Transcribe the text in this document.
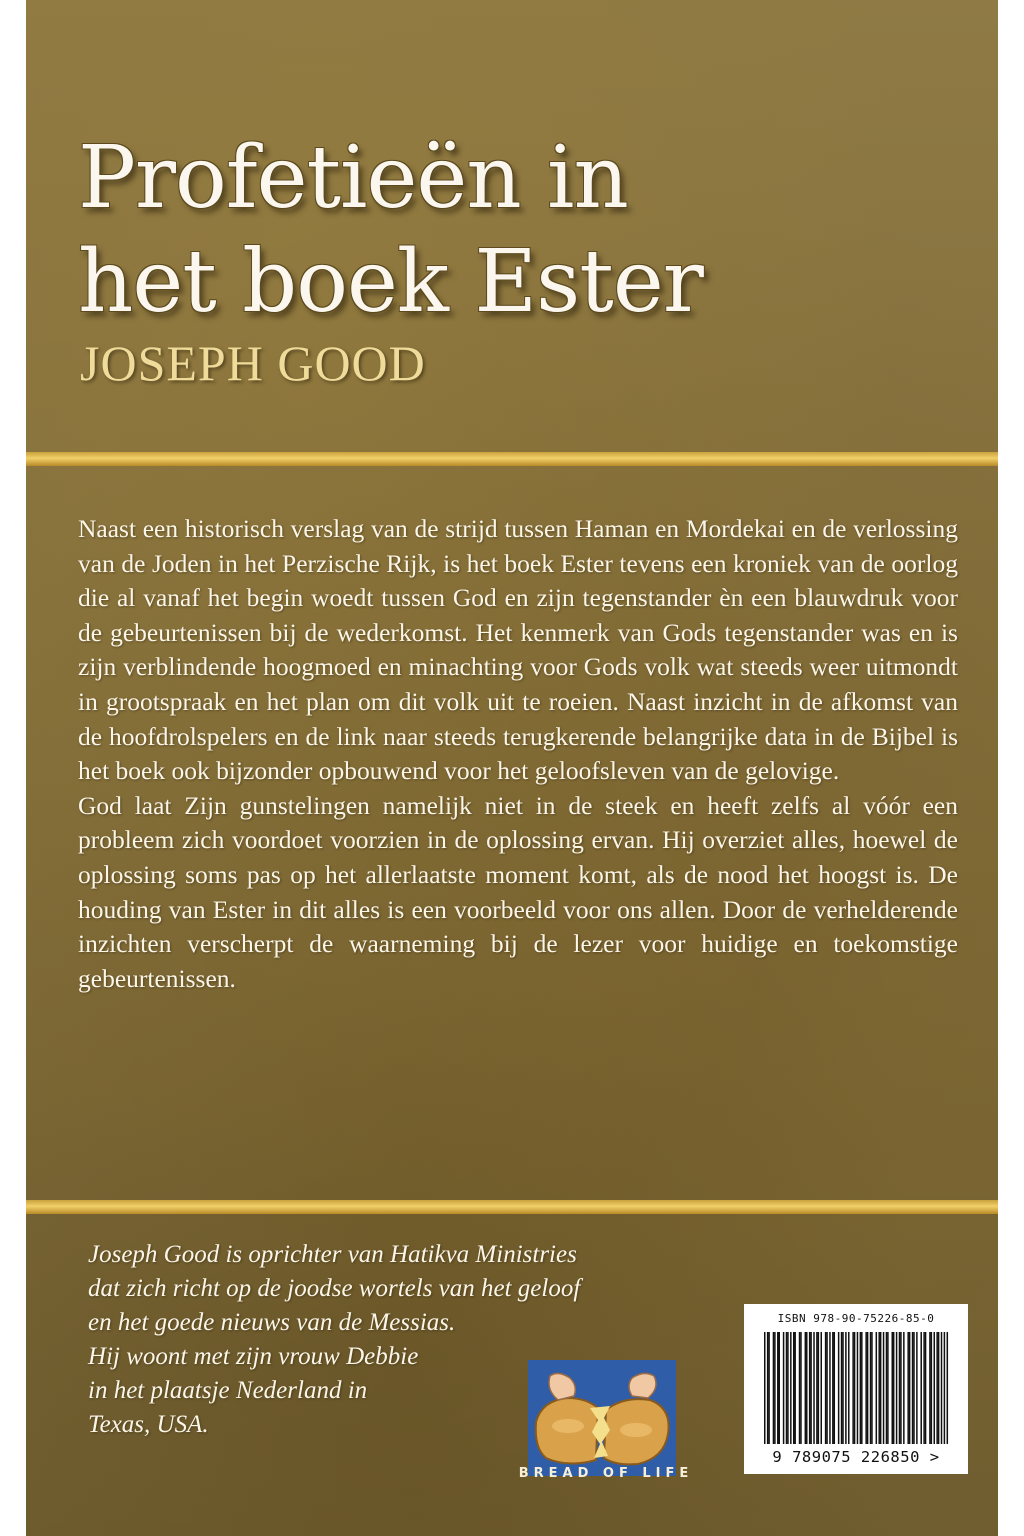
Profetieën in
het boek Ester
JOSEPH GOOD

Naast een historisch verslag van de strijd tussen Haman en Mordekai en de verlossing van de Joden in het Perzische Rijk, is het boek Ester tevens een kroniek van de oorlog die al vanaf het begin woedt tussen God en zijn tegenstander èn een blauwdruk voor de gebeurtenissen bij de wederkomst. Het kenmerk van Gods tegenstander was en is zijn verblindende hoogmoed en minachting voor Gods volk wat steeds weer uitmondt in grootspraak en het plan om dit volk uit te roeien. Naast inzicht in de afkomst van de hoofdrolspelers en de link naar steeds terugkerende belangrijke data in de Bijbel is het boek ook bijzonder opbouwend voor het geloofsleven van de gelovige.

God laat Zijn gunstelingen namelijk niet in de steek en heeft zelfs al vóór een probleem zich voordoet voorzien in de oplossing ervan. Hij overziet alles, hoewel de oplossing soms pas op het allerlaatste moment komt, als de nood het hoogst is. De houding van Ester in dit alles is een voorbeeld voor ons allen. Door de verhelderende inzichten verscherpt de waarneming bij de lezer voor huidige en toekomstige gebeurtenissen.

Joseph Good is oprichter van Hatikva Ministries
dat zich richt op de joodse wortels van het geloof
en het goede nieuws van de Messias.
Hij woont met zijn vrouw Debbie
in het plaatsje Nederland in
Texas, USA.
BREAD OF LIFE
ISBN 978-90-75226-85-0
9 789075 226850 >
